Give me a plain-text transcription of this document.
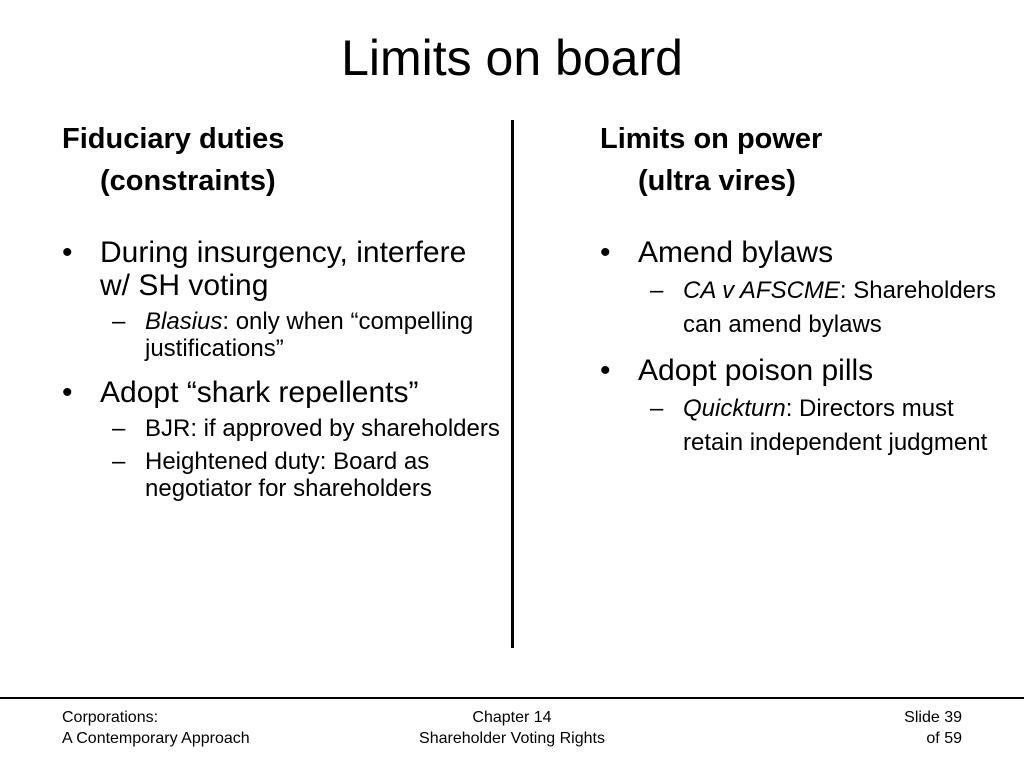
Limits on board
Fiduciary duties
(constraints)
• During insurgency, interfere w/ SH voting
– Blasius: only when “compelling justifications”
• Adopt “shark repellents”
– BJR: if approved by shareholders
– Heightened duty: Board as negotiator for shareholders
Limits on power
(ultra vires)
• Amend bylaws
– CA v AFSCME: Shareholders can amend bylaws
• Adopt poison pills
– Quickturn: Directors must retain independent judgment
Corporations:
A Contemporary Approach
Chapter 14
Shareholder Voting Rights
Slide 39
of 59
